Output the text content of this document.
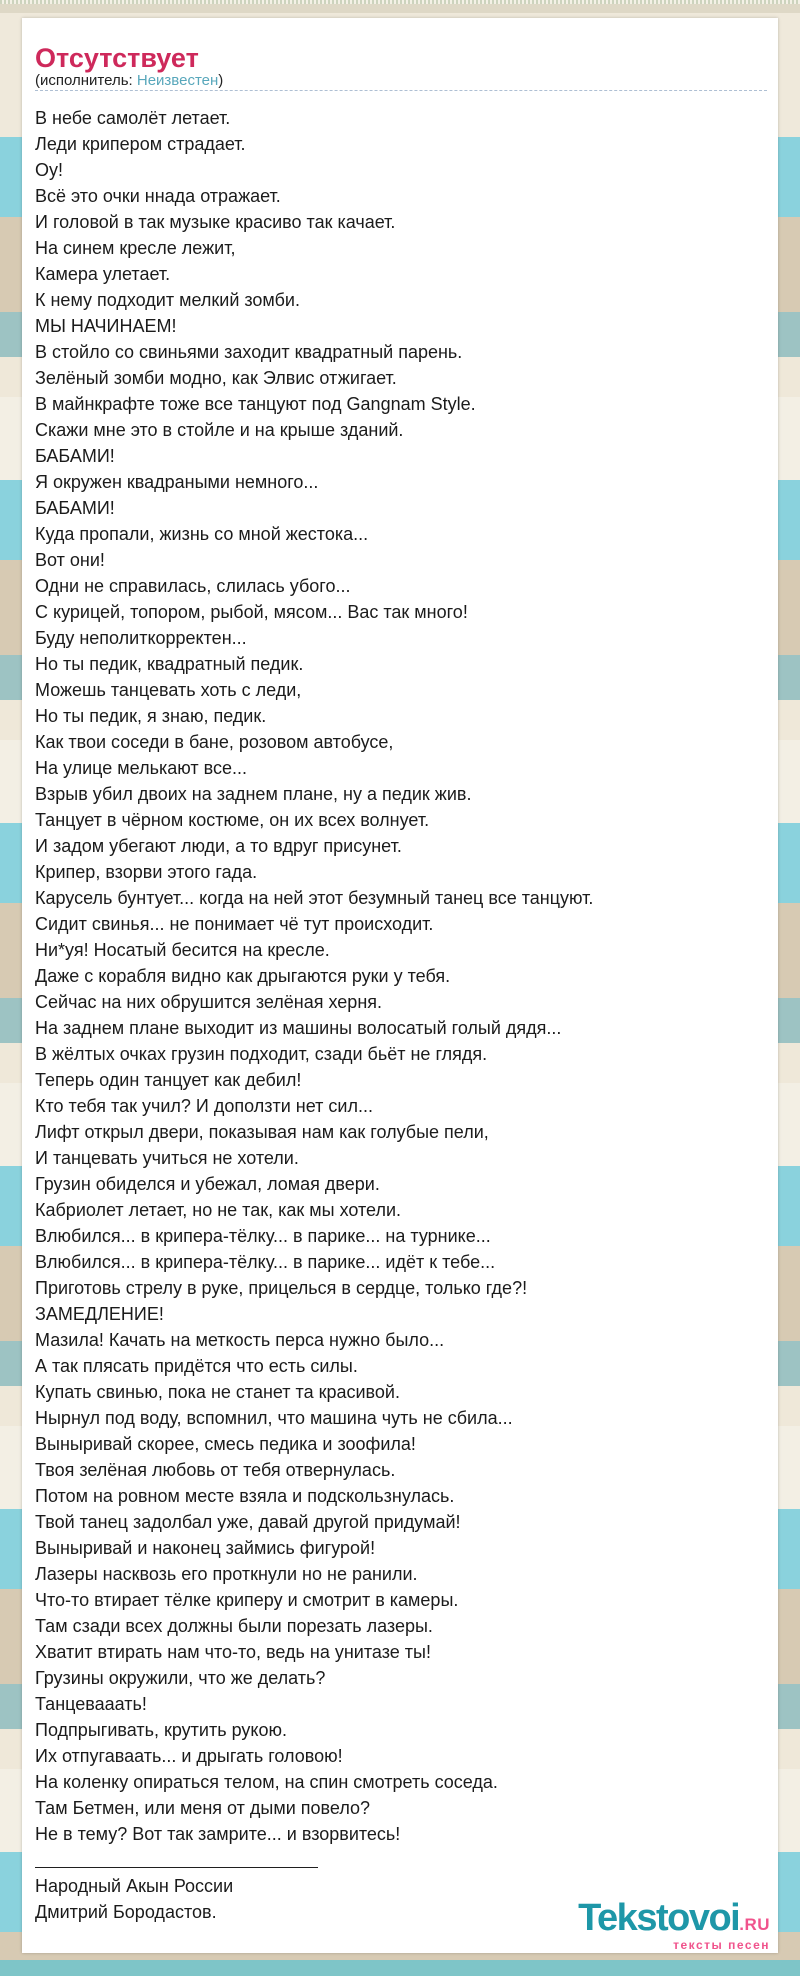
Отсутствует
(исполнитель: Неизвестен)
В небе самолёт летает.
Леди крипером страдает.
Оу!
Всё это очки ннада отражает.
И головой в так музыке красиво так качает.
На синем кресле лежит,
Камера улетает.
К нему подходит мелкий зомби.
МЫ НАЧИНАЕМ!
В стойло со свиньями заходит квадратный парень.
Зелёный зомби модно, как Элвис отжигает.
В майнкрафте тоже все танцуют под Gangnam Style.
Скажи мне это в стойле и на крыше зданий.
БАБАМИ!
Я окружен квадраными немного...
БАБАМИ!
Куда пропали, жизнь со мной жестока...
Вот они!
Одни не справилась, слилась убого...
С курицей, топором, рыбой, мясом... Вас так много!
Буду неполиткорректен...
Но ты педик, квадратный педик.
Можешь танцевать хоть с леди,
Но ты педик, я знаю, педик.
Как твои соседи в бане, розовом автобусе,
На улице мелькают все...
Взрыв убил двоих на заднем плане, ну а педик жив.
Танцует в чёрном костюме, он их всех волнует.
И задом убегают люди, а то вдруг присунет.
Крипер, взорви этого гада.
Карусель бунтует... когда на ней этот безумный танец все танцуют.
Сидит свинья... не понимает чё тут происходит.
Ни*уя! Носатый бесится на кресле.
Даже с корабля видно как дрыгаются руки у тебя.
Сейчас на них обрушится зелёная херня.
На заднем плане выходит из машины волосатый голый дядя...
В жёлтых очках грузин подходит, сзади бьёт не глядя.
Теперь один танцует как дебил!
Кто тебя так учил? И доползти нет сил...
Лифт открыл двери, показывая нам как голубые пели,
И танцевать учиться не хотели.
Грузин обиделся и убежал, ломая двери.
Кабриолет летает, но не так, как мы хотели.
Влюбился... в крипера-тёлку... в парике... на турнике...
Влюбился... в крипера-тёлку... в парике... идёт к тебе...
Приготовь стрелу в руке, прицелься в сердце, только где?!
ЗАМЕДЛЕНИЕ!
Мазила! Качать на меткость перса нужно было...
А так плясать придётся что есть силы.
Купать свинью, пока не станет та красивой.
Нырнул под воду, вспомнил, что машина чуть не сбила...
Выныривай скорее, смесь педика и зоофила!
Твоя зелёная любовь от тебя отвернулась.
Потом на ровном месте взяла и подскользнулась.
Твой танец задолбал уже, давай другой придумай!
Выныривай и наконец займись фигурой!
Лазеры насквозь его проткнули но не ранили.
Что-то втирает тёлке криперу и смотрит в камеры.
Там сзади всех должны были порезать лазеры.
Хватит втирать нам что-то, ведь на унитазе ты!
Грузины окружили, что же делать?
Танцевааать!
Подпрыгивать, крутить рукою.
Их отпугаваать... и дрыгать головою!
На коленку опираться телом, на спин смотреть соседа.
Там Бетмен, или меня от дыми повело?
Не в тему? Вот так замрите... и взорвитесь!
Народный Акын России
Дмитрий Бородастов.	Tekstovoi.RU
тексты песен
